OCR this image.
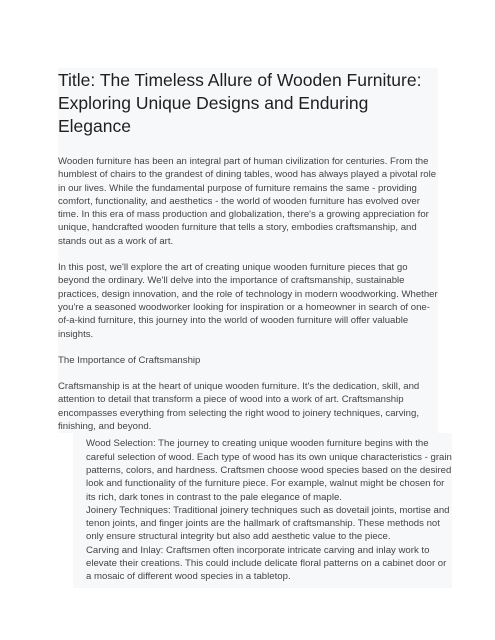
Title: The Timeless Allure of Wooden Furniture: Exploring Unique Designs and Enduring Elegance

Wooden furniture has been an integral part of human civilization for centuries. From the humblest of chairs to the grandest of dining tables, wood has always played a pivotal role in our lives. While the fundamental purpose of furniture remains the same - providing comfort, functionality, and aesthetics - the world of wooden furniture has evolved over time. In this era of mass production and globalization, there's a growing appreciation for unique, handcrafted wooden furniture that tells a story, embodies craftsmanship, and stands out as a work of art.

In this post, we'll explore the art of creating unique wooden furniture pieces that go beyond the ordinary. We'll delve into the importance of craftsmanship, sustainable practices, design innovation, and the role of technology in modern woodworking. Whether you're a seasoned woodworker looking for inspiration or a homeowner in search of one-of-a-kind furniture, this journey into the world of wooden furniture will offer valuable insights.

The Importance of Craftsmanship

Craftsmanship is at the heart of unique wooden furniture. It's the dedication, skill, and attention to detail that transform a piece of wood into a work of art. Craftsmanship encompasses everything from selecting the right wood to joinery techniques, carving, finishing, and beyond.

Wood Selection: The journey to creating unique wooden furniture begins with the careful selection of wood. Each type of wood has its own unique characteristics - grain patterns, colors, and hardness. Craftsmen choose wood species based on the desired look and functionality of the furniture piece. For example, walnut might be chosen for its rich, dark tones in contrast to the pale elegance of maple.

Joinery Techniques: Traditional joinery techniques such as dovetail joints, mortise and tenon joints, and finger joints are the hallmark of craftsmanship. These methods not only ensure structural integrity but also add aesthetic value to the piece.

Carving and Inlay: Craftsmen often incorporate intricate carving and inlay work to elevate their creations. This could include delicate floral patterns on a cabinet door or a mosaic of different wood species in a tabletop.
